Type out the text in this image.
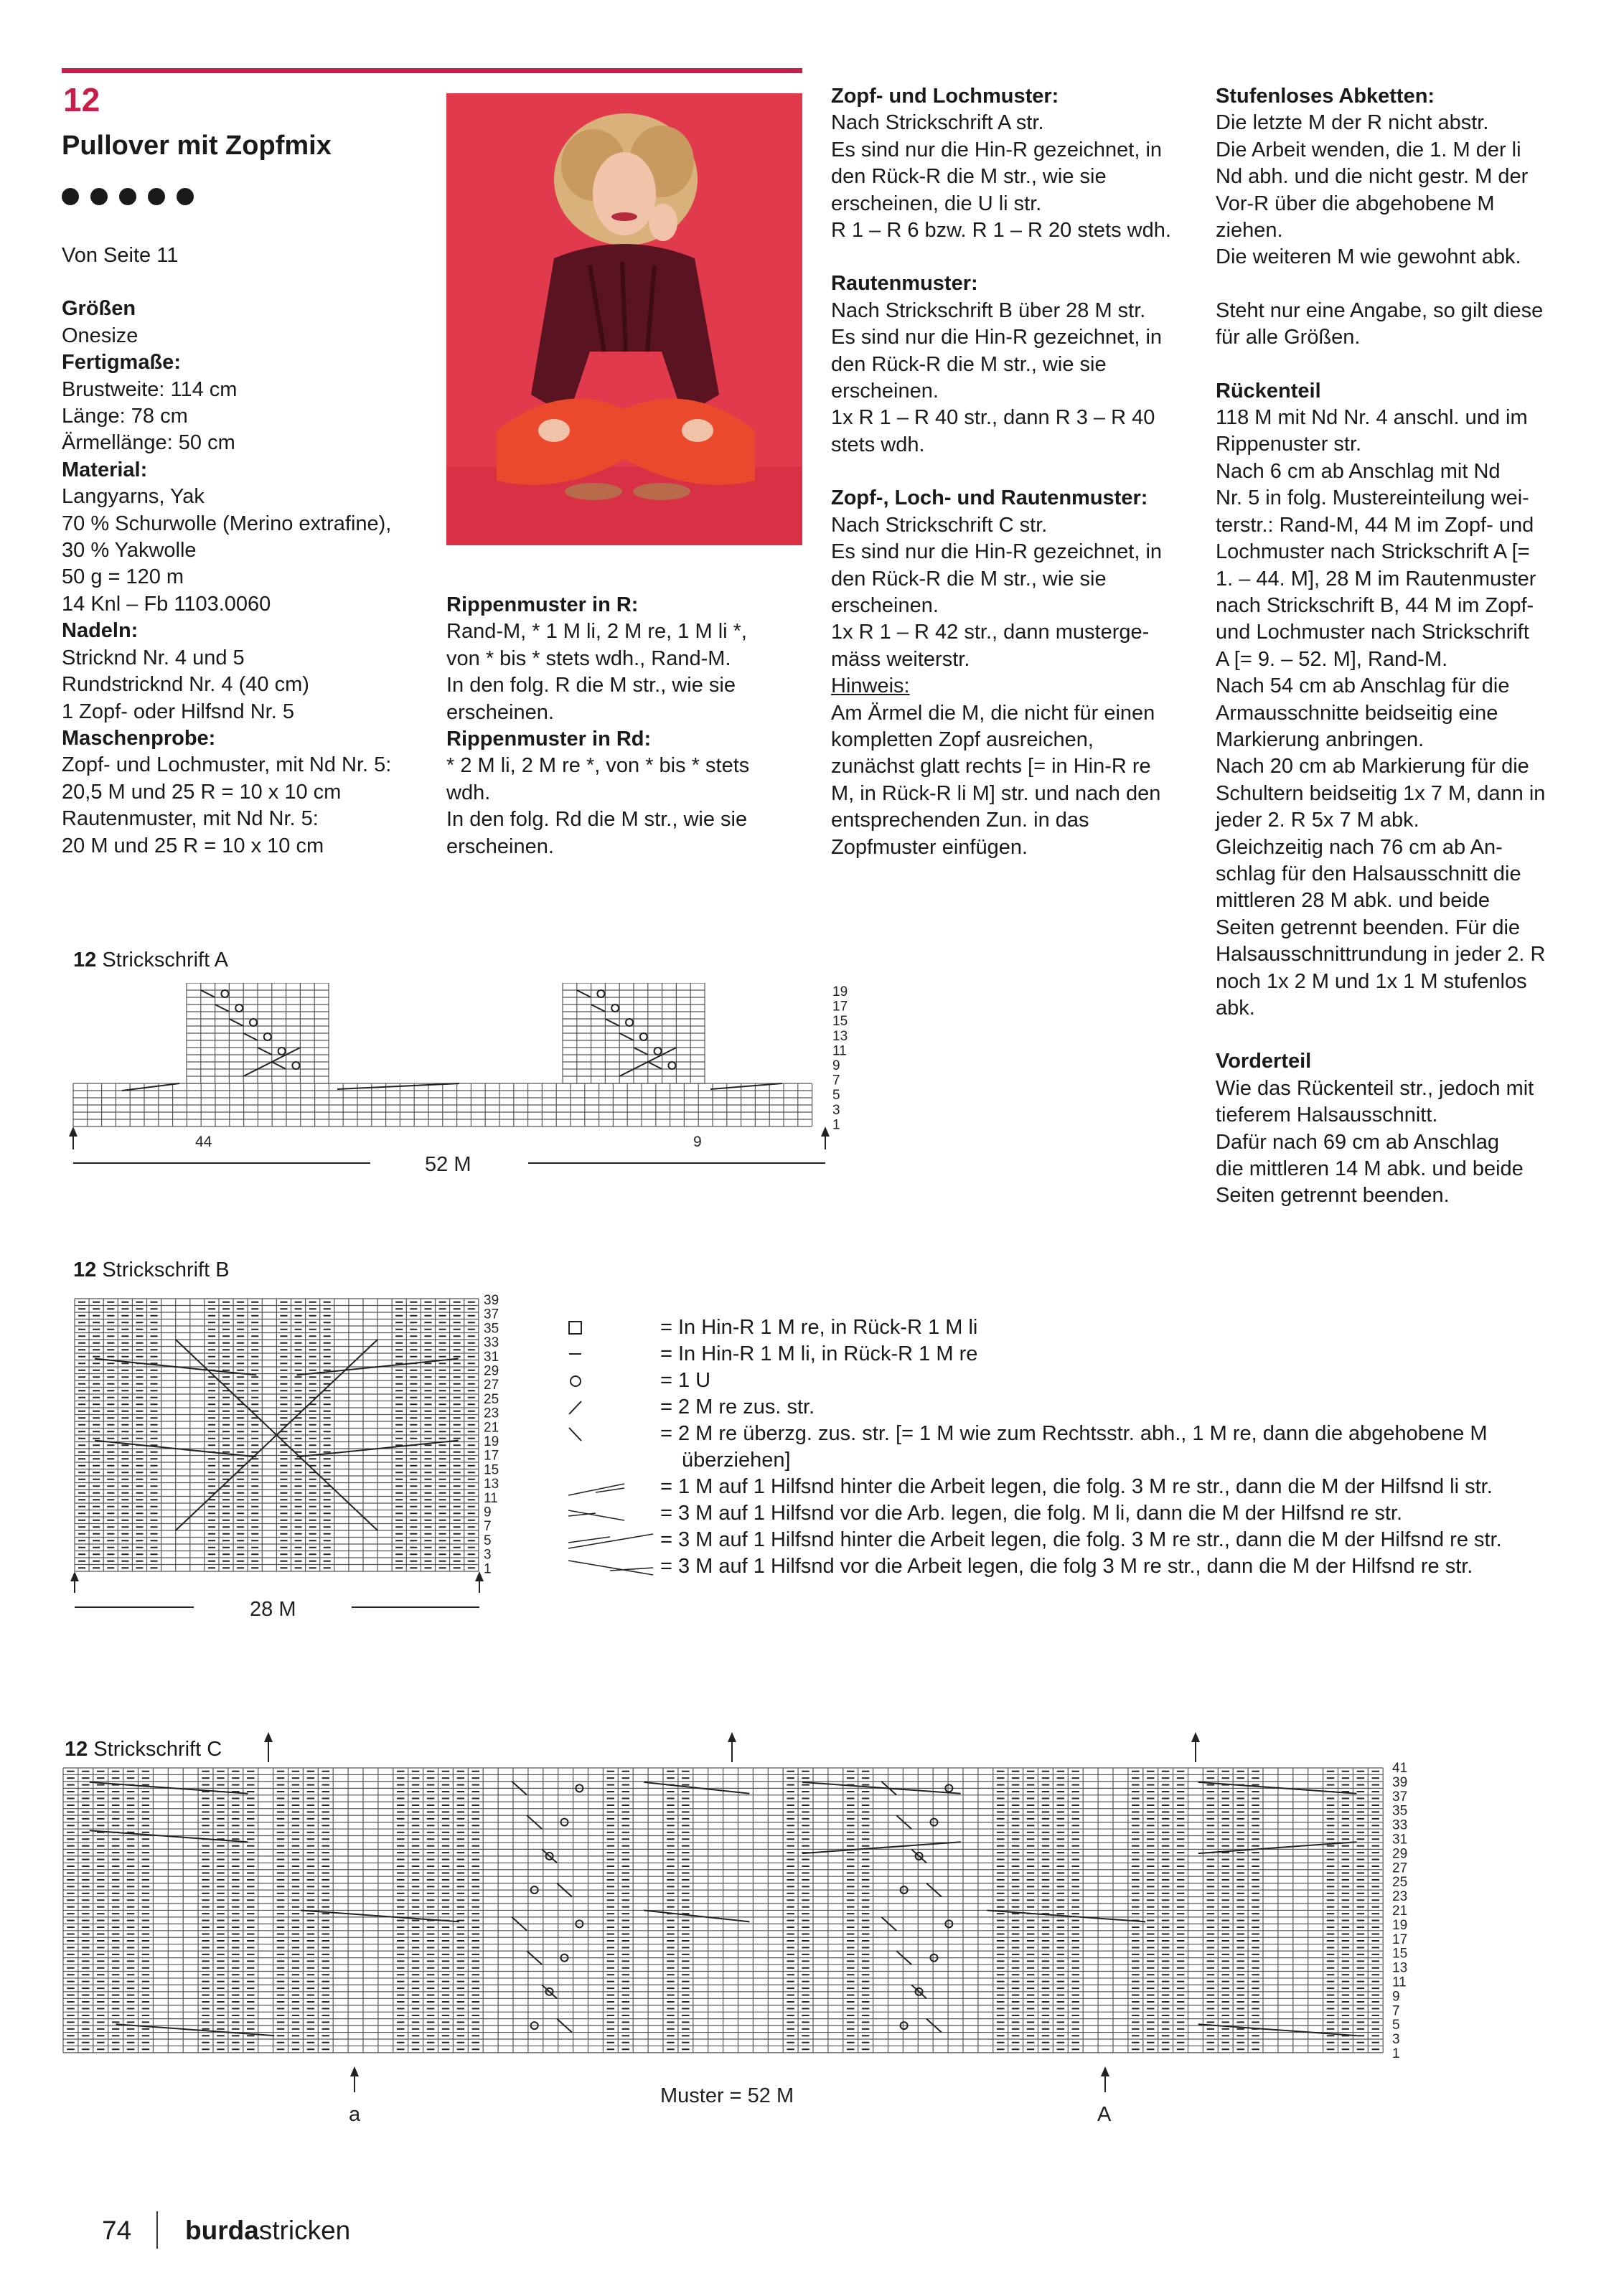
12
Pullover mit Zopfmix

Von Seite 11

Größen

Onesize

Fertigmaße:

Brustweite: 114 cm

Länge: 78 cm

Ärmellänge: 50 cm

Material:

Langyarns, Yak

70 % Schurwolle (Merino extrafine),

30 % Yakwolle

50 g = 120 m

14 Knl – Fb 1103.0060

Nadeln:

Stricknd Nr. 4 und 5

Rundstricknd Nr. 4 (40 cm)

1 Zopf- oder Hilfsnd Nr. 5

Maschenprobe:

Zopf- und Lochmuster, mit Nd Nr. 5:

20,5 M und 25 R = 10 x 10 cm

Rautenmuster, mit Nd Nr. 5:

20 M und 25 R = 10 x 10 cm

Rippenmuster in R:

Rand-M, * 1 M li, 2 M re, 1 M li *,

von * bis * stets wdh., Rand-M.

In den folg. R die M str., wie sie

erscheinen.

Rippenmuster in Rd:

* 2 M li, 2 M re *, von * bis * stets

wdh.

In den folg. Rd die M str., wie sie

erscheinen.

Zopf- und Lochmuster:

Nach Strickschrift A str.

Es sind nur die Hin-R gezeichnet, in

den Rück-R die M str., wie sie

erscheinen, die U li str.

R 1 – R 6 bzw. R 1 – R 20 stets wdh.

Rautenmuster:

Nach Strickschrift B über 28 M str.

Es sind nur die Hin-R gezeichnet, in

den Rück-R die M str., wie sie

erscheinen.

1x R 1 – R 40 str., dann R 3 – R 40

stets wdh.

Zopf-, Loch- und Rautenmuster:

Nach Strickschrift C str.

Es sind nur die Hin-R gezeichnet, in

den Rück-R die M str., wie sie

erscheinen.

1x R 1 – R 42 str., dann musterge-

mäss weiterstr.

Hinweis:

Am Ärmel die M, die nicht für einen

kompletten Zopf ausreichen,

zunächst glatt rechts [= in Hin-R re

M, in Rück-R li M] str. und nach den

entsprechenden Zun. in das

Zopfmuster einfügen.

Stufenloses Abketten:

Die letzte M der R nicht abstr.

Die Arbeit wenden, die 1. M der li

Nd abh. und die nicht gestr. M der

Vor-R über die abgehobene M

ziehen.

Die weiteren M wie gewohnt abk.

Steht nur eine Angabe, so gilt diese

für alle Größen.

Rückenteil

118 M mit Nd Nr. 4 anschl. und im

Rippenuster str.

Nach 6 cm ab Anschlag mit Nd

Nr. 5 in folg. Mustereinteilung wei-

terstr.: Rand-M, 44 M im Zopf- und

Lochmuster nach Strickschrift A [=

1. – 44. M], 28 M im Rautenmuster

nach Strickschrift B, 44 M im Zopf-

und Lochmuster nach Strickschrift

A [= 9. – 52. M], Rand-M.

Nach 54 cm ab Anschlag für die

Armausschnitte beidseitig eine

Markierung anbringen.

Nach 20 cm ab Markierung für die

Schultern beidseitig 1x 7 M, dann in

jeder 2. R 5x 7 M abk.

Gleichzeitig nach 76 cm ab An-

schlag für den Halsausschnitt die

mittleren 28 M abk. und beide

Seiten getrennt beenden. Für die

Halsausschnittrundung in jeder 2. R

noch 1x 2 M und 1x 1 M stufenlos

abk.

Vorderteil

Wie das Rückenteil str., jedoch mit

tieferem Halsausschnitt.

Dafür nach 69 cm ab Anschlag

die mittleren 14 M abk. und beide

Seiten getrennt beenden.

12 Strickschrift A
12 Strickschrift B
12 Strickschrift C
19
17
15
13
11
9
7
5
3
1
44	9
52 M
39
37
35
33
31
29
27
25
23
21
19
17
15
13
11
9
7
5
3
1
28 M
= In Hin-R 1 M re, in Rück-R 1 M li
= In Hin-R 1 M li, in Rück-R 1 M re
= 1 U
= 2 M re zus. str.
= 2 M re überzg. zus. str. [= 1 M wie zum Rechtsstr. abh., 1 M re, dann die abgehobene M
überziehen]
= 1 M auf 1 Hilfsnd hinter die Arbeit legen, die folg. 3 M re str., dann die M der Hilfsnd li str.
= 3 M auf 1 Hilfsnd vor die Arb. legen, die folg. M li, dann die M der Hilfsnd re str.
= 3 M auf 1 Hilfsnd hinter die Arbeit legen, die folg. 3 M re str., dann die M der Hilfsnd re str.
= 3 M auf 1 Hilfsnd vor die Arbeit legen, die folg 3 M re str., dann die M der Hilfsnd re str.
41
39
37
35
33
31
29
27
25
23
21
19
17
15
13
11
9
7
5
3
1
a	A
Muster = 52 M
74 burdastricken
